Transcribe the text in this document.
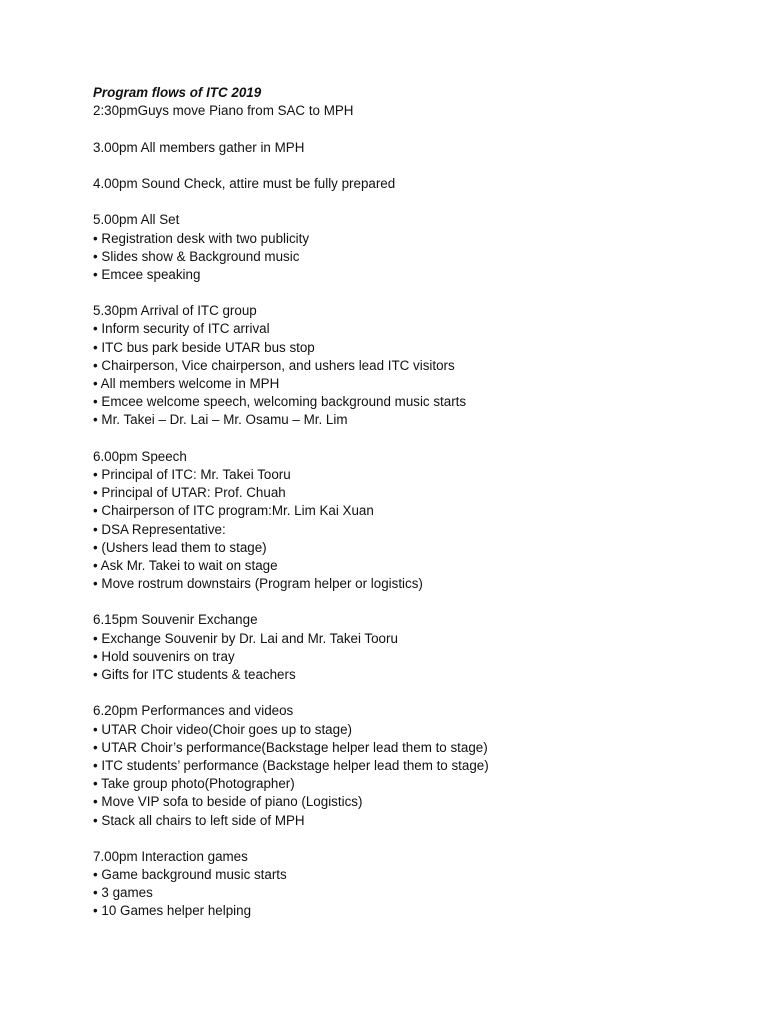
Program flows of ITC 2019
2:30pmGuys move Piano from SAC to MPH
3.00pm All members gather in MPH
4.00pm Sound Check, attire must be fully prepared
5.00pm All Set
• Registration desk with two publicity
• Slides show & Background music
• Emcee speaking
5.30pm Arrival of ITC group
• Inform security of ITC arrival
• ITC bus park beside UTAR bus stop
• Chairperson, Vice chairperson, and ushers lead ITC visitors
• All members welcome in MPH
• Emcee welcome speech, welcoming background music starts
• Mr. Takei – Dr. Lai – Mr. Osamu – Mr. Lim
6.00pm Speech
• Principal of ITC: Mr. Takei Tooru
• Principal of UTAR: Prof. Chuah
• Chairperson of ITC program:Mr. Lim Kai Xuan
• DSA Representative:
• (Ushers lead them to stage)
• Ask Mr. Takei to wait on stage
• Move rostrum downstairs (Program helper or logistics)
6.15pm Souvenir Exchange
• Exchange Souvenir by Dr. Lai and Mr. Takei Tooru
• Hold souvenirs on tray
• Gifts for ITC students & teachers
6.20pm Performances and videos
• UTAR Choir video(Choir goes up to stage)
• UTAR Choir’s performance(Backstage helper lead them to stage)
• ITC students’ performance (Backstage helper lead them to stage)
• Take group photo(Photographer)
• Move VIP sofa to beside of piano (Logistics)
• Stack all chairs to left side of MPH
7.00pm Interaction games
• Game background music starts
• 3 games
• 10 Games helper helping
